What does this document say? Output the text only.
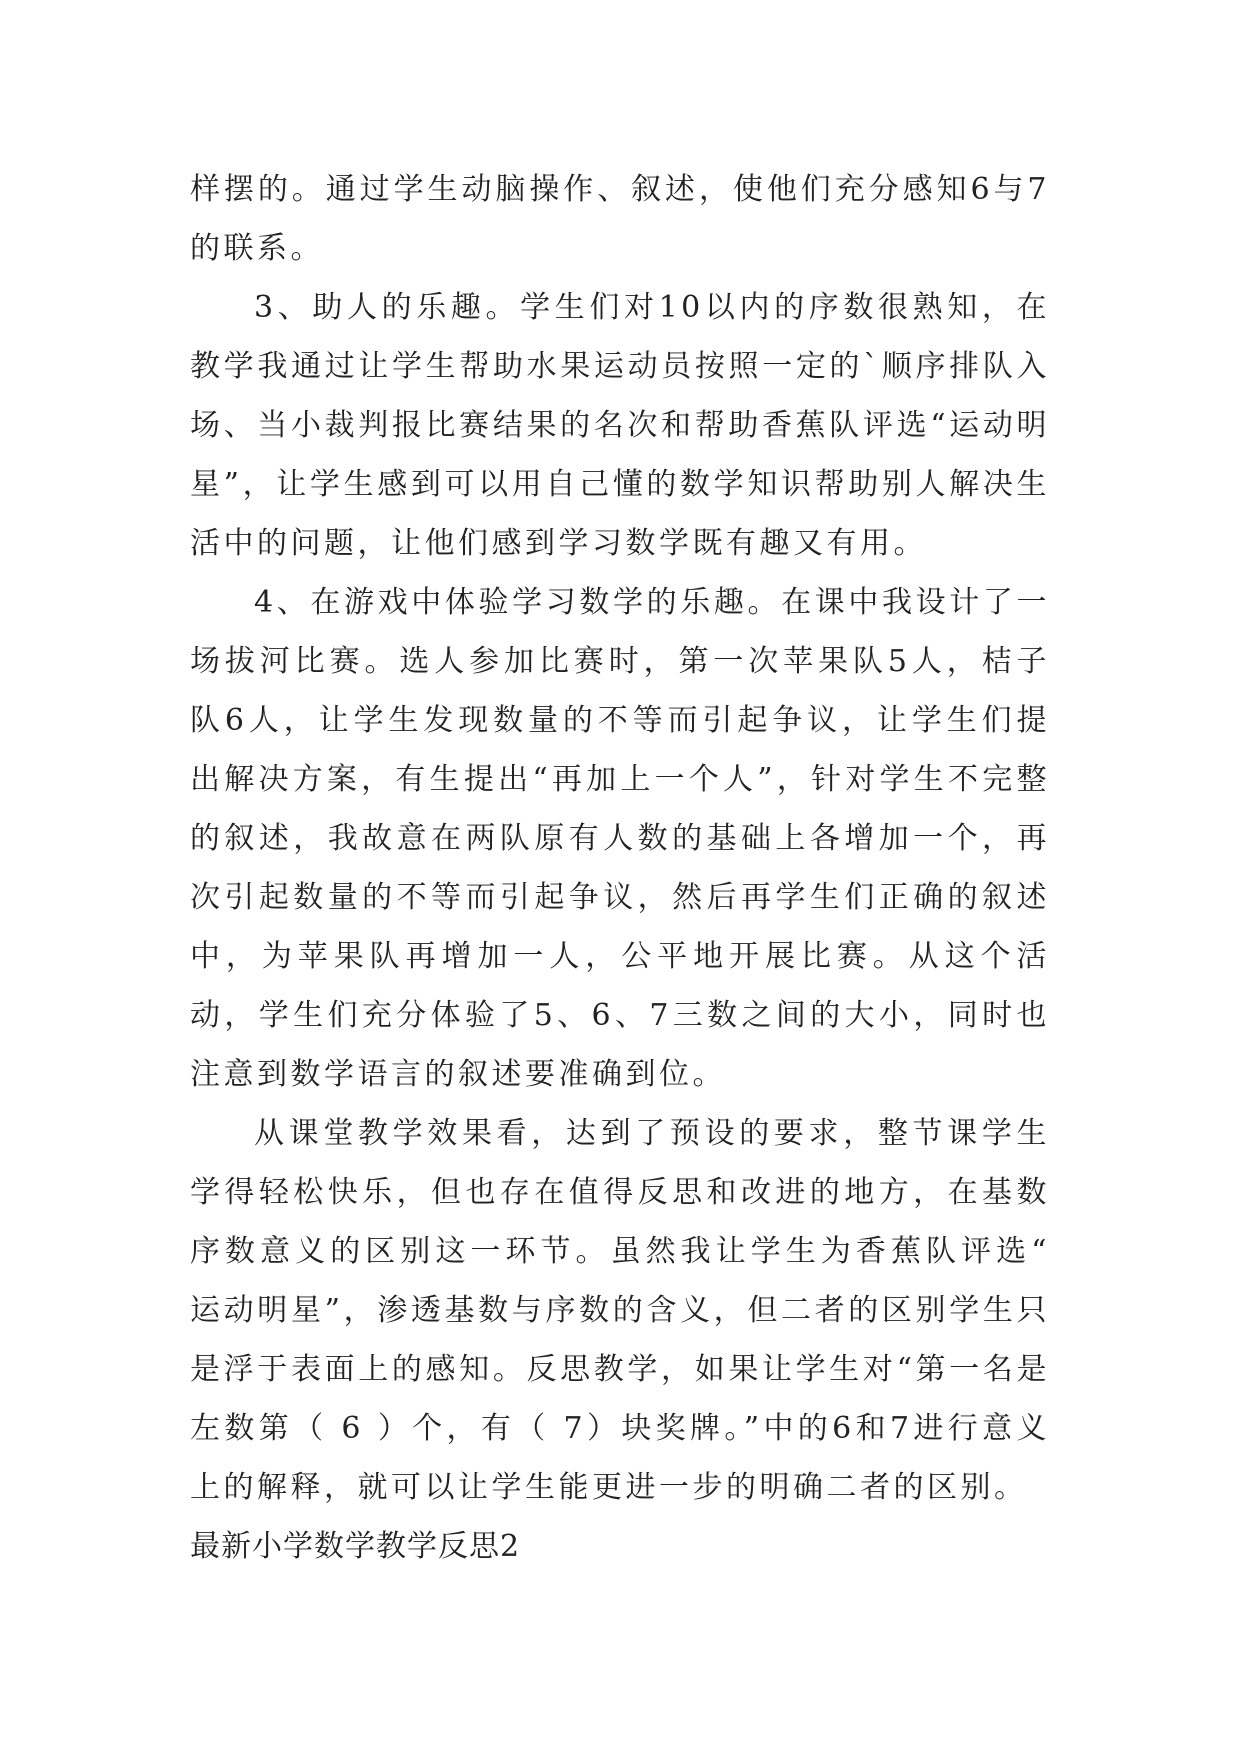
样摆的。通过学生动脑操作、叙述，使他们充分感知6与7的联系。

3、助人的乐趣。学生们对10以内的序数很熟知，在教学我通过让学生帮助水果运动员按照一定的`顺序排队入场、当小裁判报比赛结果的名次和帮助香蕉队评选“运动明星”，让学生感到可以用自己懂的数学知识帮助别人解决生活中的问题，让他们感到学习数学既有趣又有用。

4、在游戏中体验学习数学的乐趣。在课中我设计了一场拔河比赛。选人参加比赛时，第一次苹果队5人，桔子队6人，让学生发现数量的不等而引起争议，让学生们提出解决方案，有生提出“再加上一个人”，针对学生不完整的叙述，我故意在两队原有人数的基础上各增加一个，再次引起数量的不等而引起争议，然后再学生们正确的叙述中，为苹果队再增加一人，公平地开展比赛。从这个活动，学生们充分体验了5、6、7三数之间的大小，同时也注意到数学语言的叙述要准确到位。

从课堂教学效果看，达到了预设的要求，整节课学生学得轻松快乐，但也存在值得反思和改进的地方，在基数序数意义的区别这一环节。虽然我让学生为香蕉队评选“ 运动明星”，渗透基数与序数的含义，但二者的区别学生只是浮于表面上的感知。反思教学，如果让学生对“第一名是左数第（ 6 ）个，有（ 7）块奖牌。”中的6和7进行意义上的解释，就可以让学生能更进一步的明确二者的区别。

最新小学数学教学反思2
